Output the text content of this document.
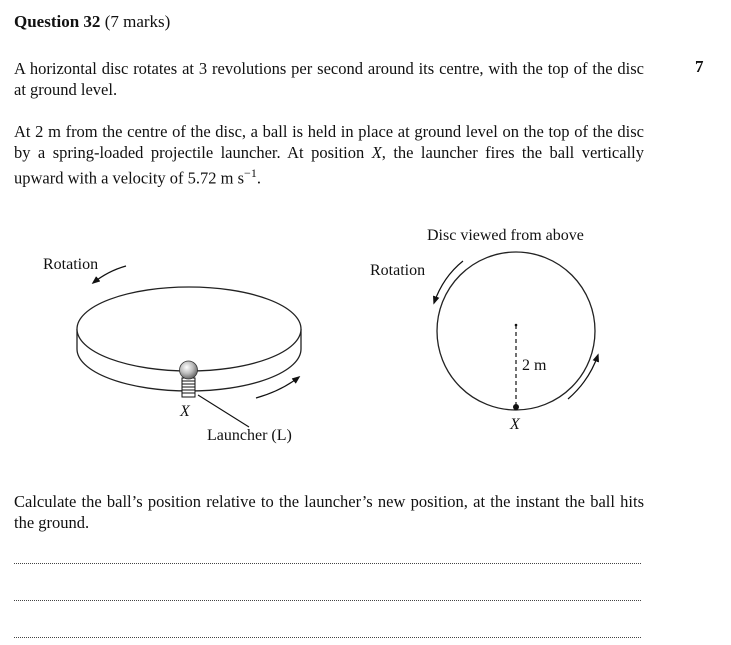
Question 32 (7 marks)
7
A horizontal disc rotates at 3 revolutions per second around its centre, with the top of the disc at ground level.
At 2 m from the centre of the disc, a ball is held in place at ground level on the top of the disc by a spring-loaded projectile launcher. At position X, the launcher fires the ball vertically upward with a velocity of 5.72 m $s^{-1}$.
Rotation
X
Launcher (L)
Disc viewed from above
Rotation
2 m
X
Calculate the ball’s position relative to the launcher’s new position, at the instant the ball hits the ground.
